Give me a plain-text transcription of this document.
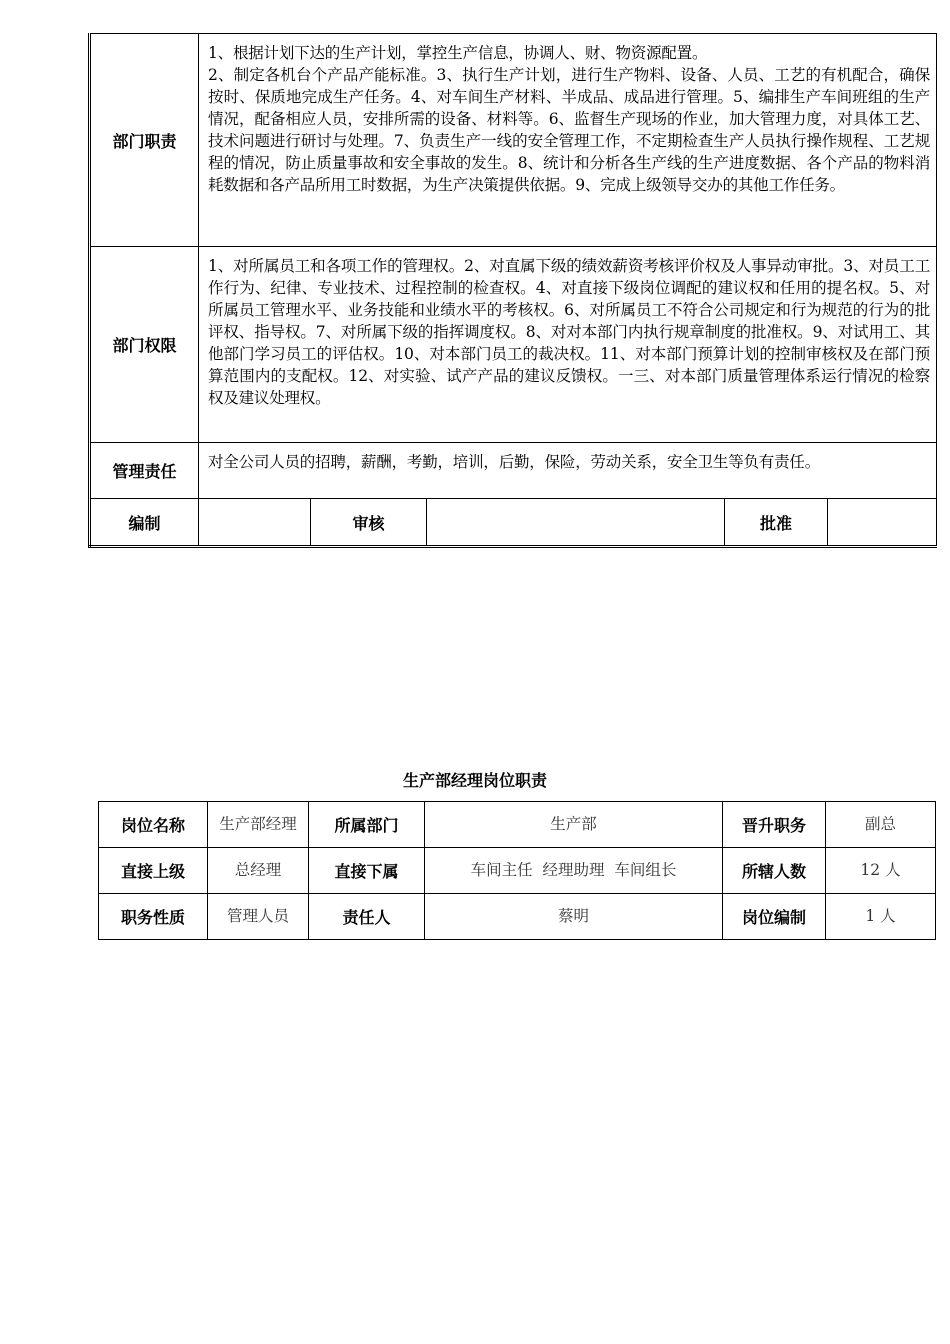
部门职责	1、根据计划下达的生产计划，掌控生产信息，协调人、财、物资源配置。
2、制定各机台个产品产能标准。3、执行生产计划，进行生产物料、设备、人员、工艺的有机配合，确保按时、保质地完成生产任务。4、对车间生产材料、半成品、成品进行管理。5、编排生产车间班组的生产情况，配备相应人员，安排所需的设备、材料等。6、监督生产现场的作业，加大管理力度，对具体工艺、技术问题进行研讨与处理。7、负责生产一线的安全管理工作，不定期检查生产人员执行操作规程、工艺规程的情况，防止质量事故和安全事故的发生。8、统计和分析各生产线的生产进度数据、各个产品的物料消耗数据和各产品所用工时数据，为生产决策提供依据。9、完成上级领导交办的其他工作任务。				
部门权限	1、对所属员工和各项工作的管理权。2、对直属下级的绩效薪资考核评价权及人事异动审批。3、对员工工作行为、纪律、专业技术、过程控制的检查权。4、对直接下级岗位调配的建议权和任用的提名权。5、对所属员工管理水平、业务技能和业绩水平的考核权。6、对所属员工不符合公司规定和行为规范的行为的批评权、指导权。7、对所属下级的指挥调度权。8、对对本部门内执行规章制度的批准权。9、对试用工、其他部门学习员工的评估权。10、对本部门员工的裁决权。11、对本部门预算计划的控制审核权及在部门预算范围内的支配权。12、对实验、试产产品的建议反馈权。一三、对本部门质量管理体系运行情况的检察权及建议处理权。				
管理责任	对全公司人员的招聘，薪酬，考勤，培训，后勤，保险，劳动关系，安全卫生等负有责任。				
编制		审核		批准	
生产部经理岗位职责
岗位名称	生产部经理	所属部门	生产部	晋升职务	副总
直接上级	总经理	直接下属	车间主任  经理助理  车间组长	所辖人数	12 人
职务性质	管理人员	责任人	蔡明	岗位编制	1 人
